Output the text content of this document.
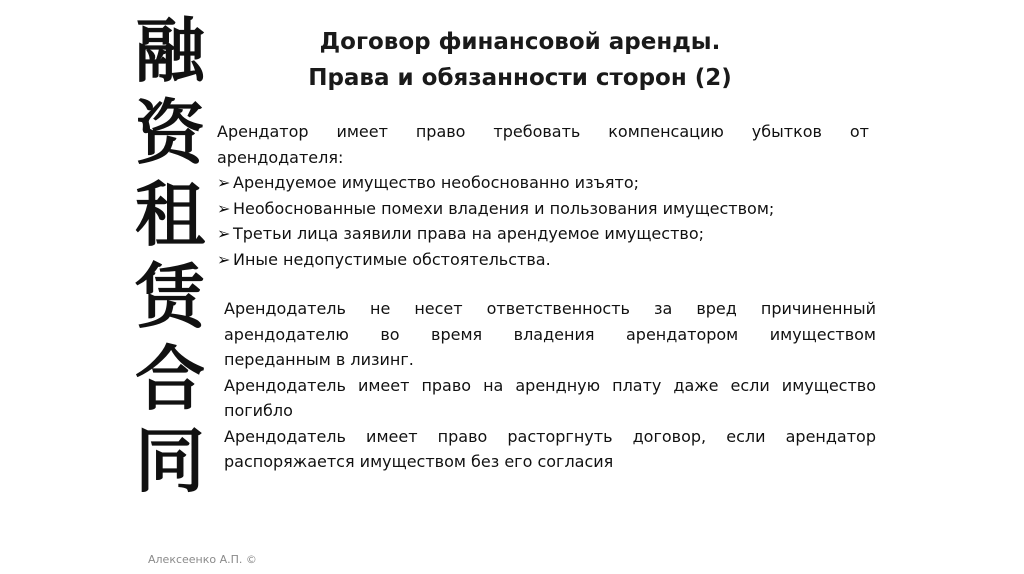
融
资
租
赁
合
同
Договор финансовой аренды.
Права и обязанности сторон (2)
Арендатор имеет право требовать компенсацию убытков от
арендодателя:
➢ Арендуемое имущество необоснованно изъято;
➢ Необоснованные помехи владения и пользования имуществом;
➢ Третьи лица заявили права на арендуемое имущество;
➢ Иные недопустимые обстоятельства.
Арендодатель не несет ответственность за вред причиненный
арендодателю во время владения арендатором имуществом
переданным в лизинг.
Арендодатель имеет право на арендную плату даже если имущество
погибло
Арендодатель имеет право расторгнуть договор, если арендатор
распоряжается имуществом без его согласия
Алексеенко А.П. ©
